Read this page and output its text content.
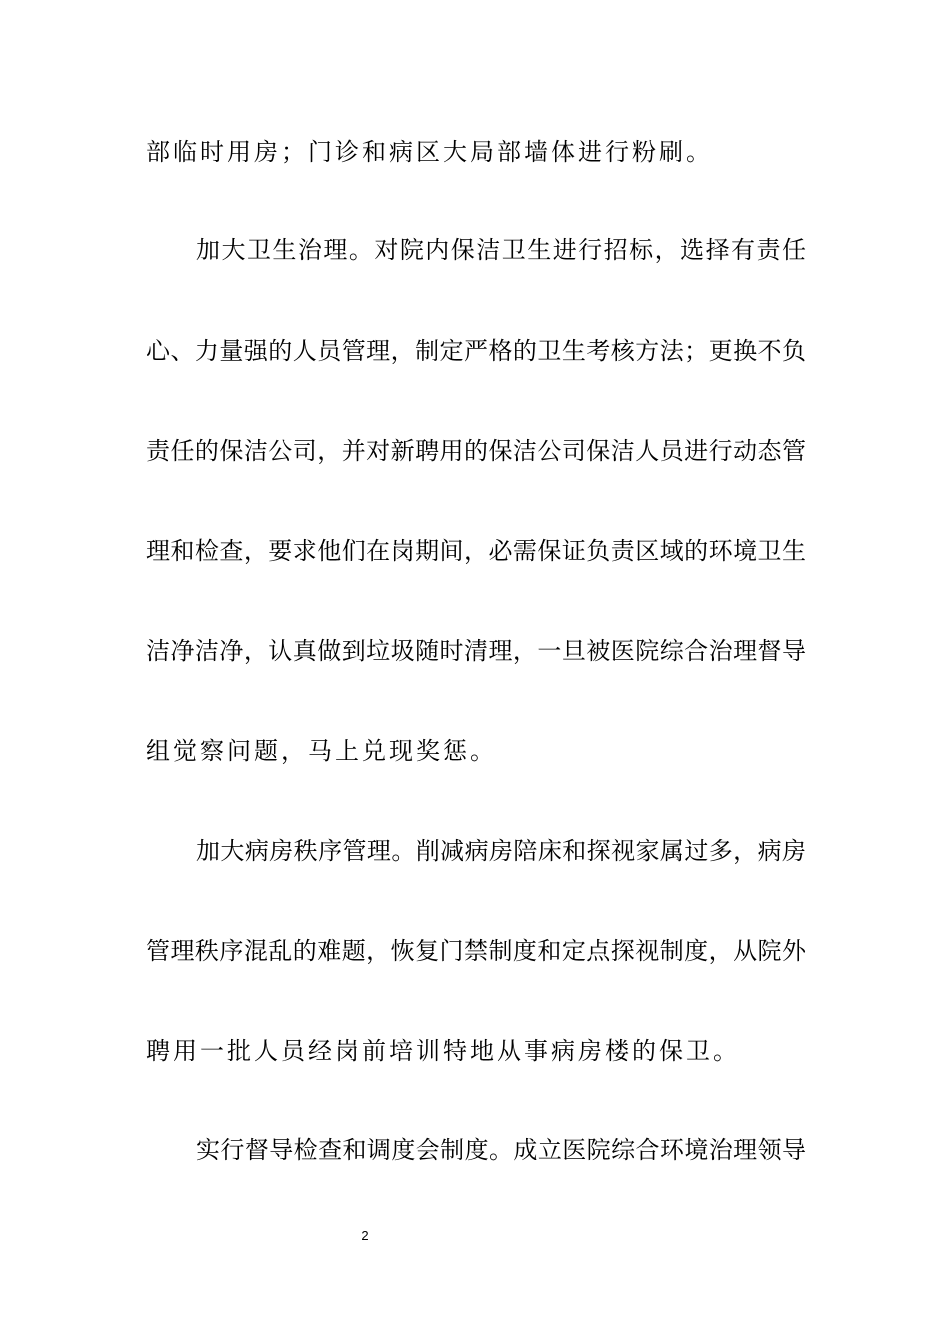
部临时用房；门诊和病区大局部墙体进行粉刷。
加大卫生治理。对院内保洁卫生进行招标，选择有责任
心、力量强的人员管理，制定严格的卫生考核方法；更换不负
责任的保洁公司，并对新聘用的保洁公司保洁人员进行动态管
理和检查，要求他们在岗期间，必需保证负责区域的环境卫生
洁净洁净，认真做到垃圾随时清理，一旦被医院综合治理督导
组觉察问题，马上兑现奖惩。
加大病房秩序管理。削减病房陪床和探视家属过多，病房
管理秩序混乱的难题，恢复门禁制度和定点探视制度，从院外
聘用一批人员经岗前培训特地从事病房楼的保卫。
实行督导检查和调度会制度。成立医院综合环境治理领导
2
